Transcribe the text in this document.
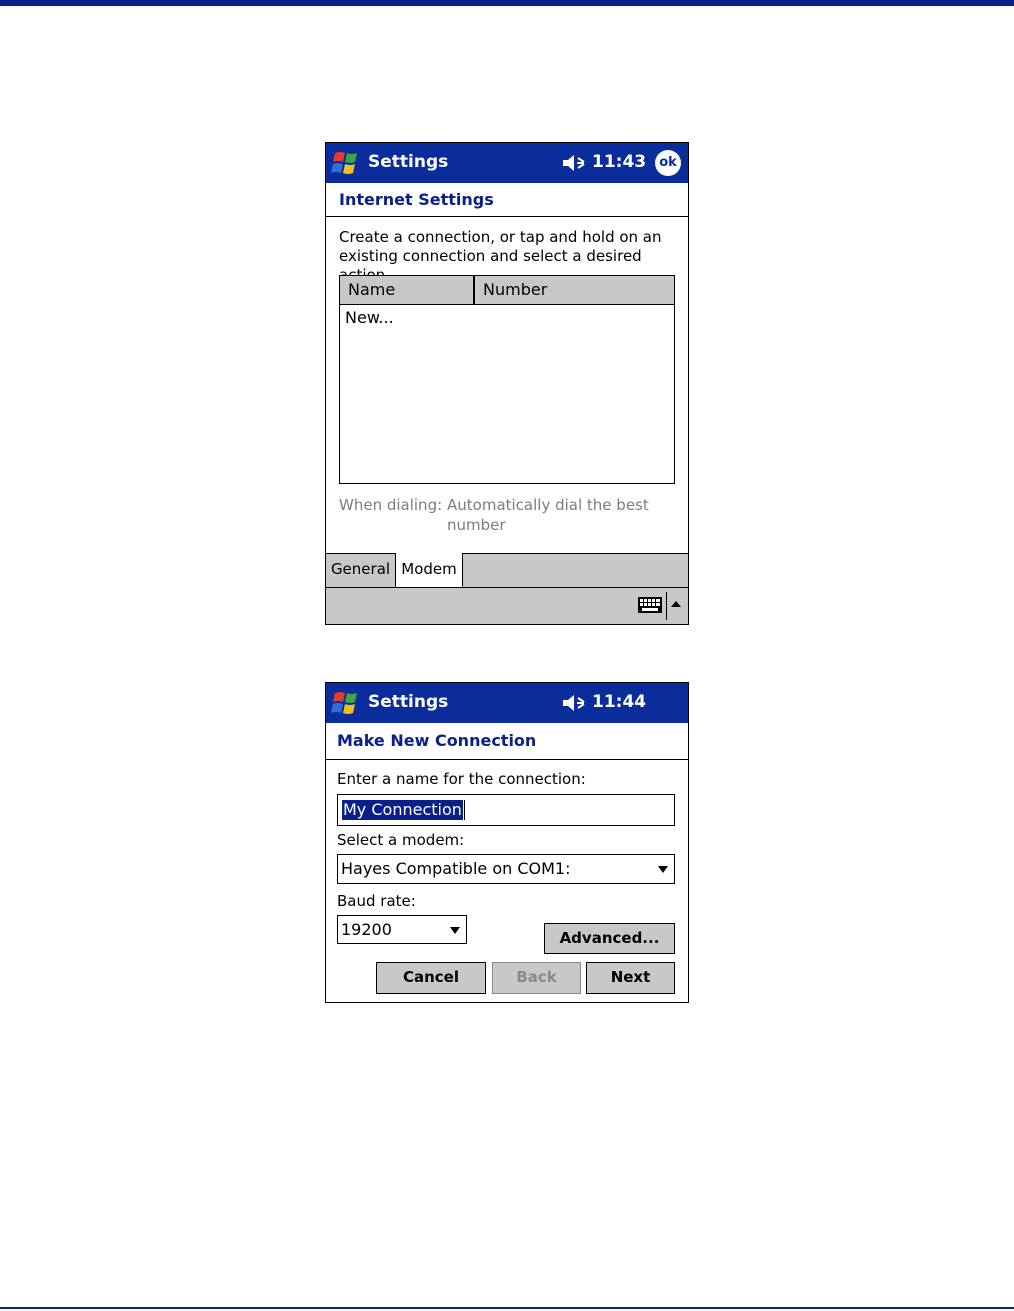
Settings	11:43	ok
Internet Settings
Create a connection, or tap and hold on an
existing connection and select a desired
Name	Number
New...
When dialing: Automatically dial the best
number
General Modem
Settings	11:44
Make New Connection
Enter a name for the connection:
My Connection
Select a modem:
Hayes Compatible on COM1:
Baud rate:
19200	Advanced...
Cancel	Back	Next
